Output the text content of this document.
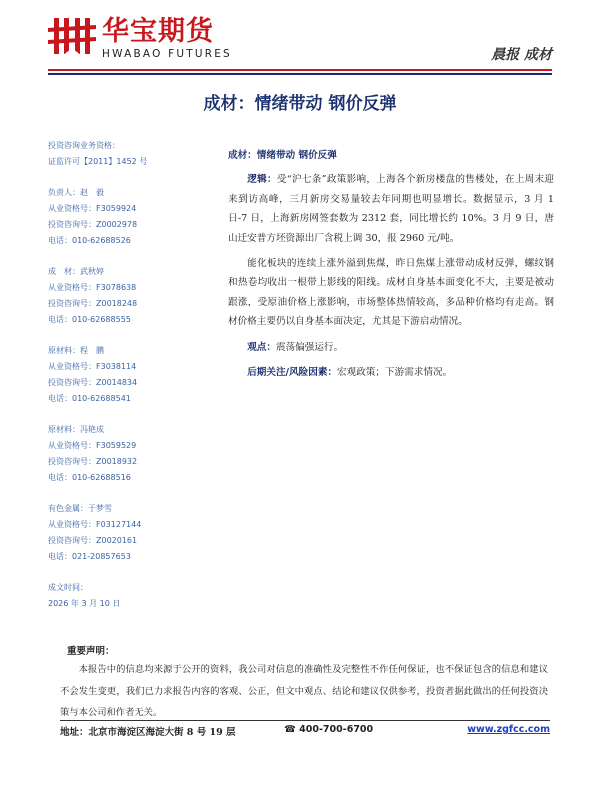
华宝期货
HWABAO FUTURES	晨报 成材
成材：情绪带动 钢价反弹
投资咨询业务资格：
证监许可【2011】1452 号
负责人：赵　毅
从业资格号：F3059924
投资咨询号：Z0002978
电话：010-62688526
成　材：武秋婷
从业资格号：F3078638
投资咨询号：Z0018248
电话：010-62688555
原材料：程　鹏
从业资格号：F3038114
投资咨询号：Z0014834
电话：010-62688541
原材料：冯艳成
从业资格号：F3059529
投资咨询号：Z0018932
电话：010-62688516
有色金属：于梦雪
从业资格号：F03127144
投资咨询号：Z0020161
电话：021-20857653
成文时间：
2026 年 3 月 10 日

成材：情绪带动 钢价反弹

逻辑：受“沪七条”政策影响，上海各个新房楼盘的售楼处，在上周末迎来到访高峰，三月新房交易量较去年同期也明显增长。数据显示，3 月 1 日-7 日，上海新房网签套数为 2312 套，同比增长约 10%。3 月 9 日，唐山迁安普方坯资源出厂含税上调 30，报 2960 元/吨。

能化板块的连续上涨外溢到焦煤，昨日焦煤上涨带动成材反弹，螺纹钢和热卷均收出一根带上影线的阳线。成材自身基本面变化不大，主要是被动跟涨，受原油价格上涨影响，市场整体热情较高，多品种价格均有走高。钢材价格主要仍以自身基本面决定，尤其是下游启动情况。

观点：震荡偏强运行。

后期关注/风险因素：宏观政策；下游需求情况。

重要声明：
本报告中的信息均来源于公开的资料，我公司对信息的准确性及完整性不作任何保证，也不保证包含的信息和建议不会发生变更，我们已力求报告内容的客观、公正，但文中观点、结论和建议仅供参考，投资者据此做出的任何投资决策与本公司和作者无关。
地址：北京市海淀区海淀大街 8 号 19 层	☎ 400-700-6700	www.zgfcc.com
